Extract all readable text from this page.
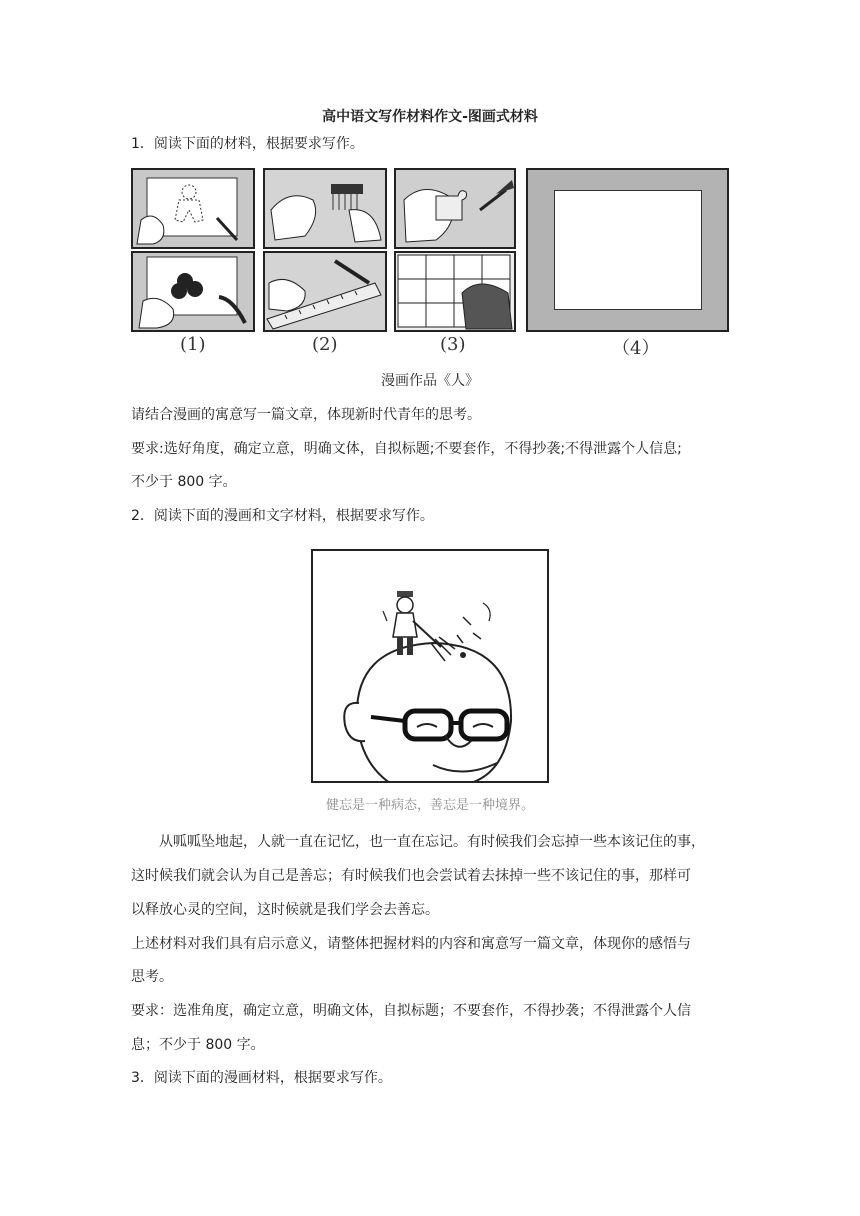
高中语文写作材料作文-图画式材料
1．阅读下面的材料，根据要求写作。
(1)	(2)	(3)	（4）
漫画作品《人》
请结合漫画的寓意写一篇文章，体现新时代青年的思考。
要求:选好角度，确定立意，明确文体，自拟标题;不要套作，不得抄袭;不得泄露个人信息;
不少于 800 字。
2．阅读下面的漫画和文字材料，根据要求写作。
健忘是一种病态，善忘是一种境界。
从呱呱坠地起，人就一直在记忆，也一直在忘记。有时候我们会忘掉一些本该记住的事，
这时候我们就会认为自己是善忘；有时候我们也会尝试着去抹掉一些不该记住的事，那样可
以释放心灵的空间，这时候就是我们学会去善忘。
上述材料对我们具有启示意义，请整体把握材料的内容和寓意写一篇文章，体现你的感悟与
思考。
要求：选准角度，确定立意，明确文体，自拟标题；不要套作，不得抄袭；不得泄露个人信
息；不少于 800 字。
3．阅读下面的漫画材料，根据要求写作。
